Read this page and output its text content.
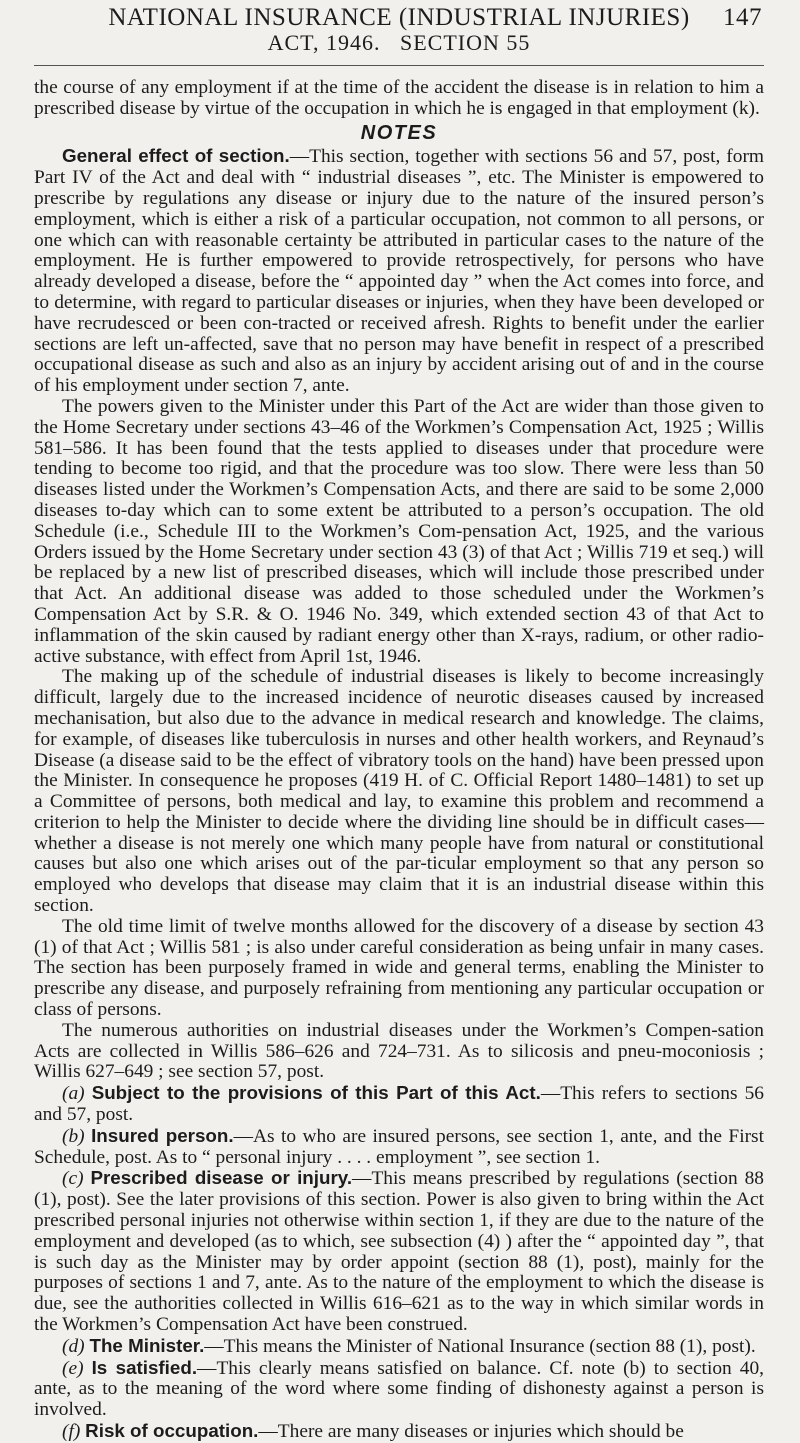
NATIONAL INSURANCE (INDUSTRIAL INJURIES) 147
ACT, 1946.   SECTION 55

the course of any employment if at the time of the accident the disease is in relation to him a prescribed disease by virtue of the occupation in which he is engaged in that employment (k).

NOTES

General effect of section.—This section, together with sections 56 and 57, post, form Part IV of the Act and deal with “ industrial diseases ”, etc. The Minister is empowered to prescribe by regulations any disease or injury due to the nature of the insured person’s employment, which is either a risk of a particular occupation, not common to all persons, or one which can with reasonable certainty be attributed in particular cases to the nature of the employment. He is further empowered to provide retrospectively, for persons who have already developed a disease, before the “ appointed day ” when the Act comes into force, and to determine, with regard to particular diseases or injuries, when they have been developed or have recrudesced or been con-tracted or received afresh. Rights to benefit under the earlier sections are left un-affected, save that no person may have benefit in respect of a prescribed occupational disease as such and also as an injury by accident arising out of and in the course of his employment under section 7, ante.

The powers given to the Minister under this Part of the Act are wider than those given to the Home Secretary under sections 43–46 of the Workmen’s Compensation Act, 1925 ; Willis 581–586. It has been found that the tests applied to diseases under that procedure were tending to become too rigid, and that the procedure was too slow. There were less than 50 diseases listed under the Workmen’s Compensation Acts, and there are said to be some 2,000 diseases to-day which can to some extent be attributed to a person’s occupation. The old Schedule (i.e., Schedule III to the Workmen’s Com-pensation Act, 1925, and the various Orders issued by the Home Secretary under section 43 (3) of that Act ; Willis 719 et seq.) will be replaced by a new list of prescribed diseases, which will include those prescribed under that Act. An additional disease was added to those scheduled under the Workmen’s Compensation Act by S.R. & O. 1946 No. 349, which extended section 43 of that Act to inflammation of the skin caused by radiant energy other than X-rays, radium, or other radio-active substance, with effect from April 1st, 1946.

The making up of the schedule of industrial diseases is likely to become increasingly difficult, largely due to the increased incidence of neurotic diseases caused by increased mechanisation, but also due to the advance in medical research and knowledge. The claims, for example, of diseases like tuberculosis in nurses and other health workers, and Reynaud’s Disease (a disease said to be the effect of vibratory tools on the hand) have been pressed upon the Minister. In consequence he proposes (419 H. of C. Official Report 1480–1481) to set up a Committee of persons, both medical and lay, to examine this problem and recommend a criterion to help the Minister to decide where the dividing line should be in difficult cases—whether a disease is not merely one which many people have from natural or constitutional causes but also one which arises out of the par-ticular employment so that any person so employed who develops that disease may claim that it is an industrial disease within this section.

The old time limit of twelve months allowed for the discovery of a disease by section 43 (1) of that Act ; Willis 581 ; is also under careful consideration as being unfair in many cases. The section has been purposely framed in wide and general terms, enabling the Minister to prescribe any disease, and purposely refraining from mentioning any particular occupation or class of persons.

The numerous authorities on industrial diseases under the Workmen’s Compen-sation Acts are collected in Willis 586–626 and 724–731. As to silicosis and pneu-moconiosis ; Willis 627–649 ; see section 57, post.

(a) Subject to the provisions of this Part of this Act.—This refers to sections 56 and 57, post.

(b) Insured person.—As to who are insured persons, see section 1, ante, and the First Schedule, post. As to “ personal injury . . . . employment ”, see section 1.

(c) Prescribed disease or injury.—This means prescribed by regulations (section 88 (1), post). See the later provisions of this section. Power is also given to bring within the Act prescribed personal injuries not otherwise within section 1, if they are due to the nature of the employment and developed (as to which, see subsection (4) ) after the “ appointed day ”, that is such day as the Minister may by order appoint (section 88 (1), post), mainly for the purposes of sections 1 and 7, ante. As to the nature of the employment to which the disease is due, see the authorities collected in Willis 616–621 as to the way in which similar words in the Workmen’s Compensation Act have been construed.

(d) The Minister.—This means the Minister of National Insurance (section 88 (1), post).

(e) Is satisfied.—This clearly means satisfied on balance. Cf. note (b) to section 40, ante, as to the meaning of the word where some finding of dishonesty against a person is involved.

(f) Risk of occupation.—There are many diseases or injuries which should be
